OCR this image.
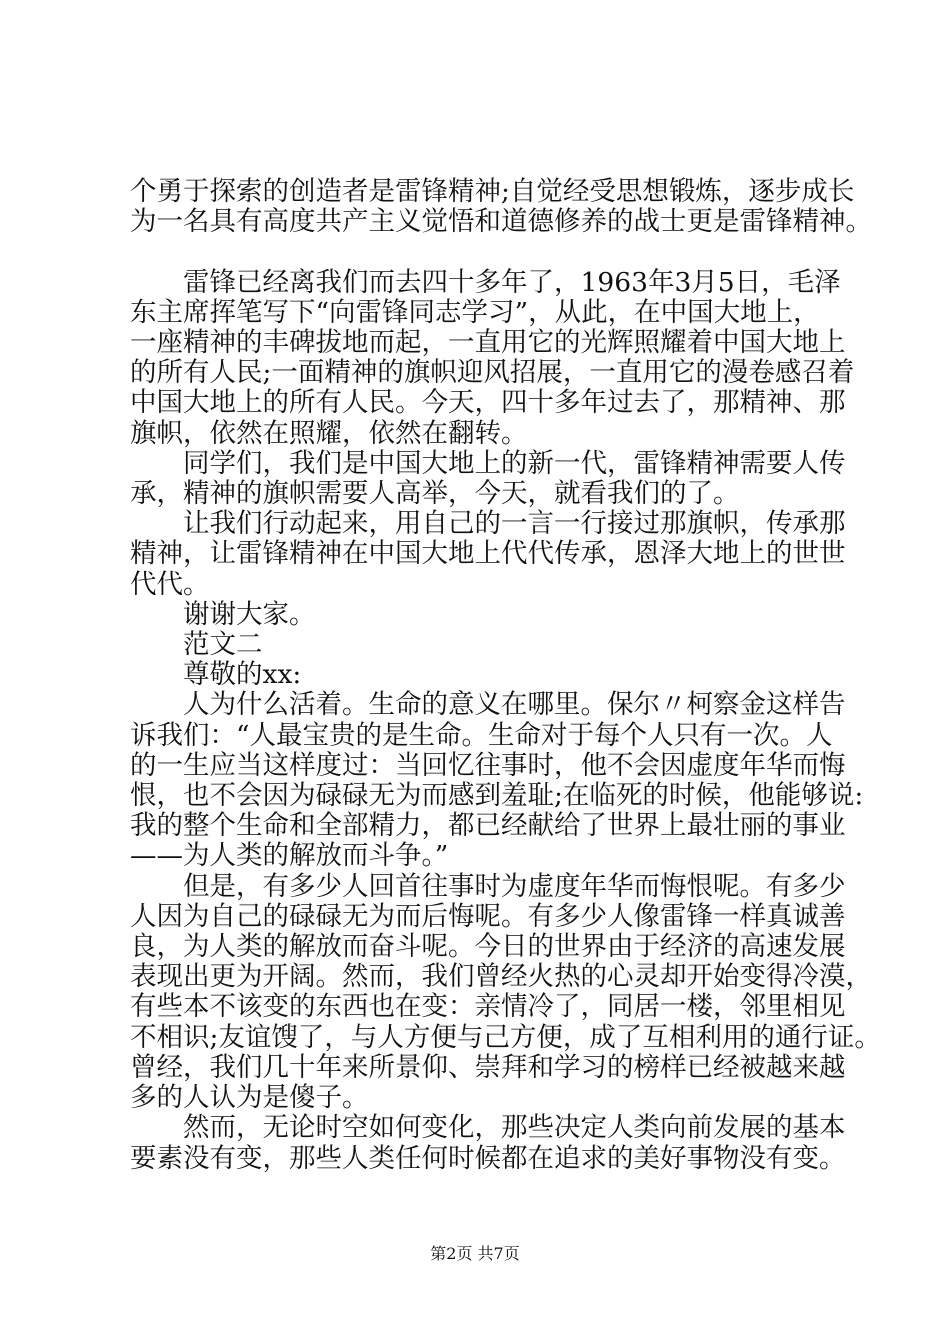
个勇于探索的创造者是雷锋精神;自觉经受思想锻炼，逐步成长
为一名具有高度共产主义觉悟和道德修养的战士更是雷锋精神。

　　雷锋已经离我们而去四十多年了，1963年3月5日，毛泽
东主席挥笔写下“向雷锋同志学习”，从此，在中国大地上，
一座精神的丰碑拔地而起，一直用它的光辉照耀着中国大地上
的所有人民;一面精神的旗帜迎风招展，一直用它的漫卷感召着
中国大地上的所有人民。今天，四十多年过去了，那精神、那
旗帜，依然在照耀，依然在翻转。
　　同学们，我们是中国大地上的新一代，雷锋精神需要人传
承，精神的旗帜需要人高举，今天，就看我们的了。
　　让我们行动起来，用自己的一言一行接过那旗帜，传承那
精神，让雷锋精神在中国大地上代代传承，恩泽大地上的世世
代代。
　　谢谢大家。
　　范文二
　　尊敬的xx:
　　人为什么活着。生命的意义在哪里。保尔〃柯察金这样告
诉我们：“人最宝贵的是生命。生命对于每个人只有一次。人
的一生应当这样度过：当回忆往事时，他不会因虚度年华而悔
恨，也不会因为碌碌无为而感到羞耻;在临死的时候，他能够说:
我的整个生命和全部精力，都已经献给了世界上最壮丽的事业
——为人类的解放而斗争。”
　　但是，有多少人回首往事时为虚度年华而悔恨呢。有多少
人因为自己的碌碌无为而后悔呢。有多少人像雷锋一样真诚善
良，为人类的解放而奋斗呢。今日的世界由于经济的高速发展
表现出更为开阔。然而，我们曾经火热的心灵却开始变得冷漠，
有些本不该变的东西也在变：亲情冷了，同居一楼，邻里相见
不相识;友谊馊了，与人方便与己方便，成了互相利用的通行证。
曾经，我们几十年来所景仰、崇拜和学习的榜样已经被越来越
多的人认为是傻子。
　　然而，无论时空如何变化，那些决定人类向前发展的基本
要素没有变，那些人类任何时候都在追求的美好事物没有变。
第2页 共7页
